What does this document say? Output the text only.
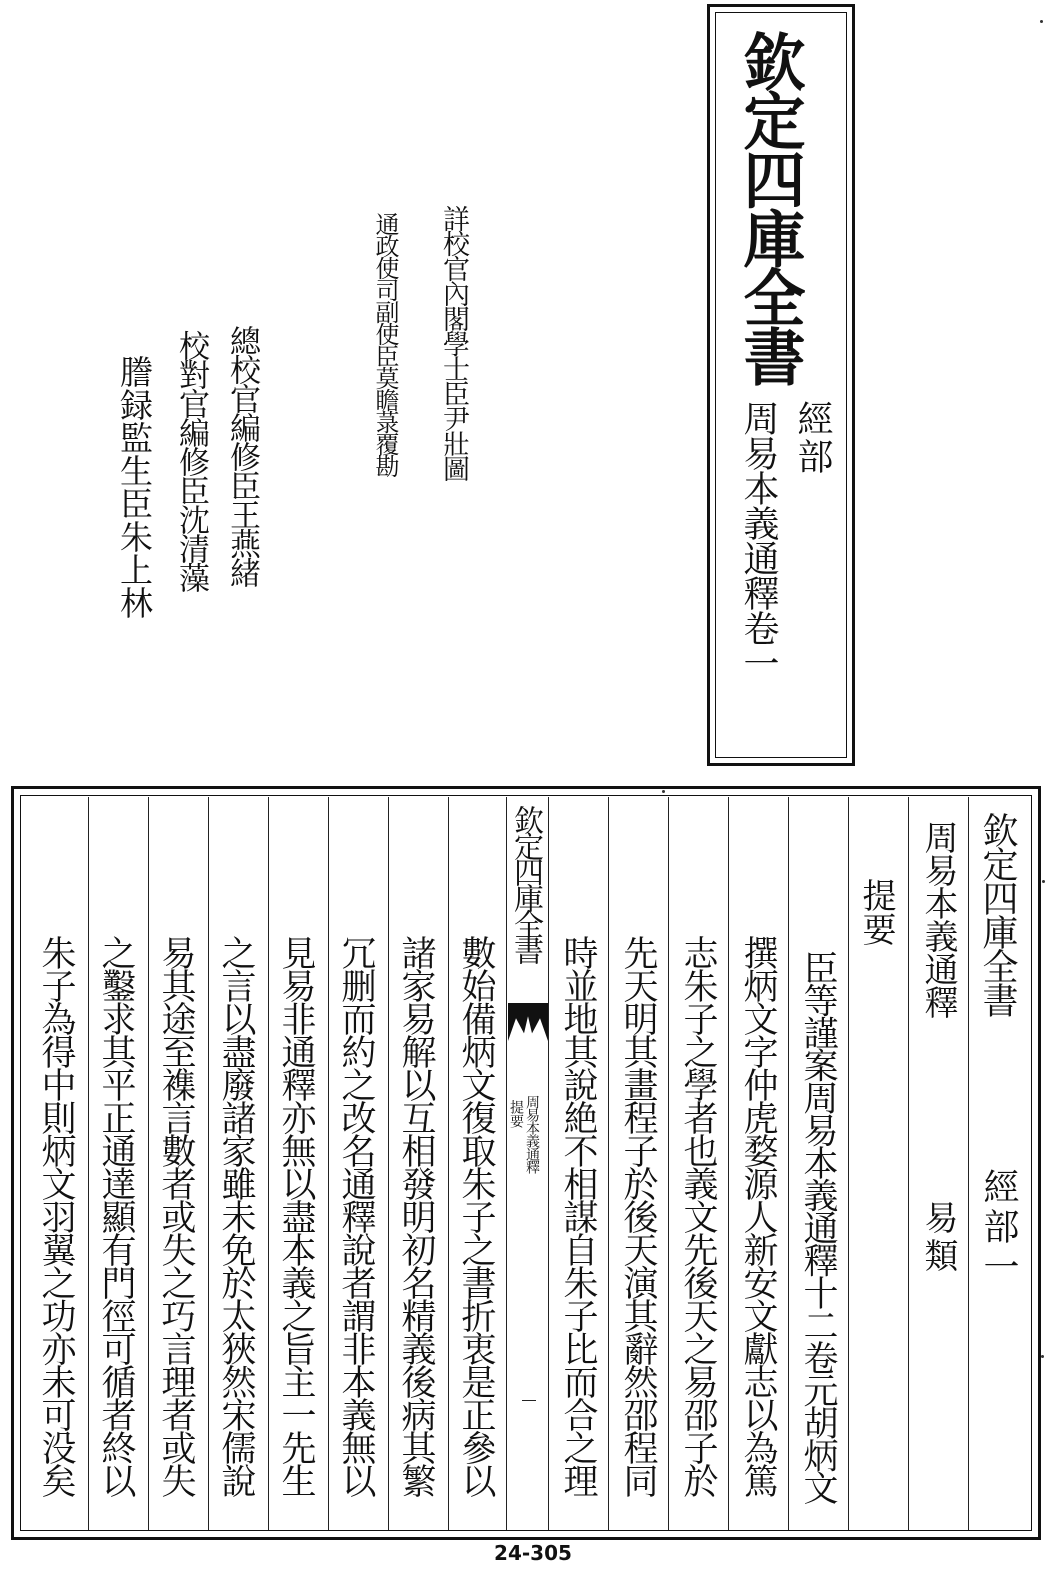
欽定四庫全書
經部
周易本義通釋卷一
詳校官內閣學士臣尹壯圖
通政使司副使臣莫瞻菉覆勘
總校官編修臣王燕緒
校對官編修臣沈清藻
謄録監生臣朱上林
欽定四庫全書
經部一
周易本義通釋
易類
提要
臣等謹案周易本義通釋十二卷元胡炳文
撰炳文字仲虎婺源人新安文獻志以為篤
志朱子之學者也義文先後天之易邵子於
先天明其畫程子於後天演其辭然邵程同
時並地其說絶不相謀自朱子比而合之理
欽定四庫全書
周易本義通釋
提要
數始備炳文復取朱子之書折衷是正參以
諸家易解以互相發明初名精義後病其繁
冗删而約之改名通釋說者謂非本義無以
見易非通釋亦無以盡本義之旨主一先生
之言以盡廢諸家雖未免於太狹然宋儒說
易其途至襍言數者或失之巧言理者或失
之鑿求其平正通達顯有門徑可循者終以
朱子為得中則炳文羽翼之功亦未可没矣
24-305
